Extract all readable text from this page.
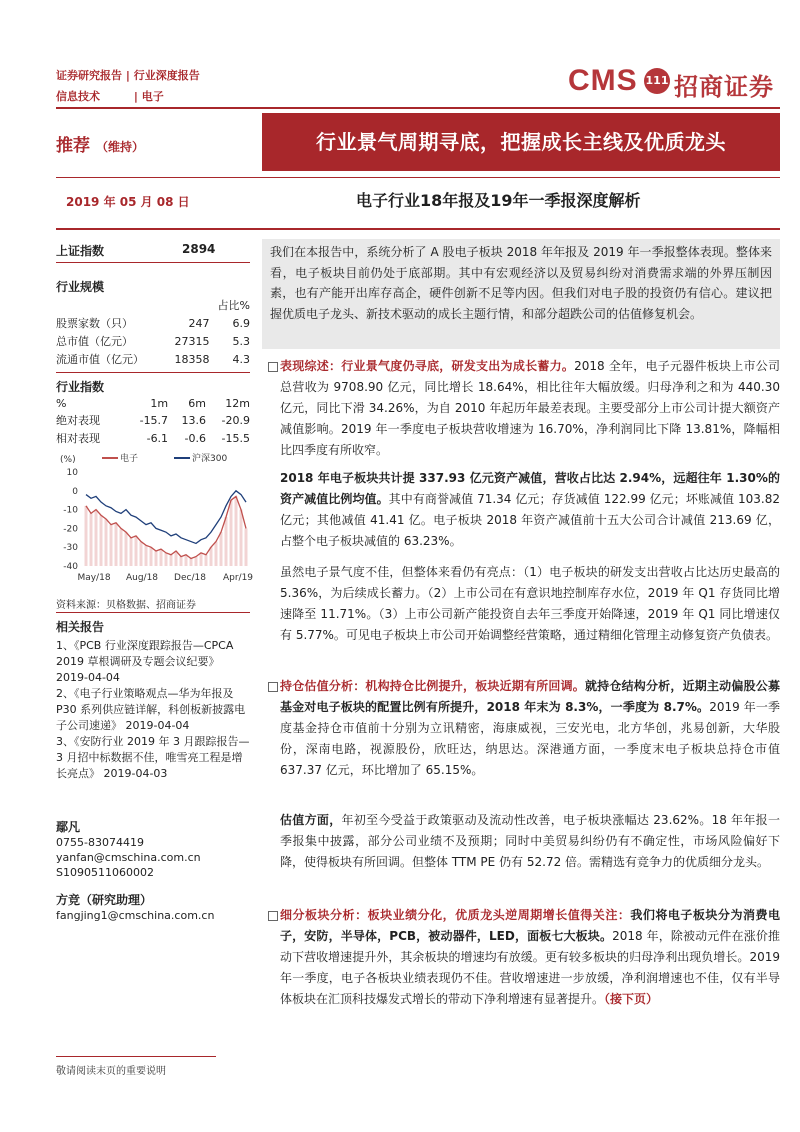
证券研究报告 | 行业深度报告
信息技术	| 电子	CMS 111 招商证券
推荐 （维持）	行业景气周期寻底，把握成长主线及优质龙头
2019 年 05 月 08 日	电子行业18年报及19年一季报深度解析
上证指数	2894
行业规模
		占比%
股票家数（只）	247	6.9
总市值（亿元）	27315	5.3
流通市值（亿元）	18358	4.3
行业指数
%	1m	6m	12m
绝对表现	-15.7	13.6	-20.9
相对表现	-6.1	-0.6	-15.5
(%)	电子	沪深300
10
0
-10
-20
-30
-40
May/18 Aug/18 Dec/18 Apr/19
资料来源：贝格数据、招商证券
相关报告
1、《PCB 行业深度跟踪报告—CPCA 2019 草根调研及专题会议纪要》
2019-04-04
2、《电子行业策略观点—华为年报及 P30 系列供应链详解，科创板新披露电子公司速递》 2019-04-04
3、《安防行业 2019 年 3 月跟踪报告—3 月招中标数据不佳，唯雪亮工程是增长亮点》 2019-04-03
鄢凡
0755-83074419
yanfan@cmschina.com.cn
S1090511060002
方竞（研究助理）
fangjing1@cmschina.com.cn

我们在本报告中，系统分析了 A 股电子板块 2018 年年报及 2019 年一季报整体表现。整体来看，电子板块目前仍处于底部期。其中有宏观经济以及贸易纠纷对消费需求端的外界压制因素，也有产能开出库存高企，硬件创新不足等内因。但我们对电子股的投资仍有信心。建议把握优质电子龙头、新技术驱动的成长主题行情，和部分超跌公司的估值修复机会。

表现综述：行业景气度仍寻底，研发支出为成长蓄力。2018 全年，电子元器件板块上市公司总营收为 9708.90 亿元，同比增长 18.64%，相比往年大幅放缓。归母净利之和为 440.30 亿元，同比下滑 34.26%，为自 2010 年起历年最差表现。主要受部分上市公司计提大额资产减值影响。2019 年一季度电子板块营收增速为 16.70%，净利润同比下降 13.81%，降幅相比四季度有所收窄。
2018 年电子板块共计提 337.93 亿元资产减值，营收占比达 2.94%，远超往年 1.30%的资产减值比例均值。其中有商誉减值 71.34 亿元；存货减值 122.99 亿元；坏账减值 103.82 亿元；其他减值 41.41 亿。电子板块 2018 年资产减值前十五大公司合计减值 213.69 亿，占整个电子板块减值的 63.23%。
虽然电子景气度不佳，但整体来看仍有亮点：（1）电子板块的研发支出营收占比达历史最高的 5.36%，为后续成长蓄力。（2）上市公司在有意识地控制库存水位，2019 年 Q1 存货同比增速降至 11.71%。（3）上市公司新产能投资自去年三季度开始降速，2019 年 Q1 同比增速仅有 5.77%。可见电子板块上市公司开始调整经营策略，通过精细化管理主动修复资产负债表。
持仓估值分析：机构持仓比例提升，板块近期有所回调。就持仓结构分析，近期主动偏股公募基金对电子板块的配置比例有所提升，2018 年末为 8.3%，一季度为 8.7%。2019 年一季度基金持仓市值前十分别为立讯精密，海康威视，三安光电，北方华创，兆易创新，大华股份，深南电路，视源股份，欣旺达，纳思达。深港通方面，一季度末电子板块总持仓市值 637.37 亿元，环比增加了 65.15%。
估值方面，年初至今受益于政策驱动及流动性改善，电子板块涨幅达 23.62%。18 年年报一季报集中披露，部分公司业绩不及预期；同时中美贸易纠纷仍有不确定性，市场风险偏好下降，使得板块有所回调。但整体 TTM PE 仍有 52.72 倍。需精选有竞争力的优质细分龙头。
细分板块分析：板块业绩分化，优质龙头逆周期增长值得关注：我们将电子板块分为消费电子，安防，半导体，PCB，被动器件，LED，面板七大板块。2018 年，除被动元件在涨价推动下营收增速提升外，其余板块的增速均有放缓。更有较多板块的归母净利出现负增长。2019 年一季度，电子各板块业绩表现仍不佳。营收增速进一步放缓，净利润增速也不佳，仅有半导体板块在汇顶科技爆发式增长的带动下净利增速有显著提升。（接下页）
敬请阅读末页的重要说明
